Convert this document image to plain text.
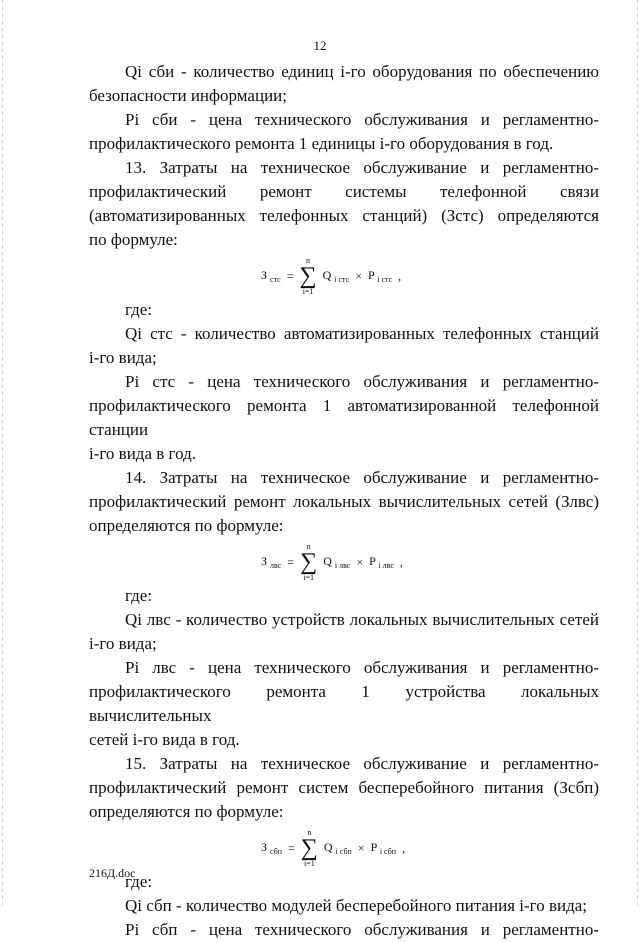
12

Qi сби - количество единиц i-го оборудования по обеспечению

безопасности информации;

Pi сби - цена технического обслуживания и регламентно-

профилактического ремонта 1 единицы i-го оборудования в год.

13. Затраты на техническое обслуживание и регламентно-

профилактический ремонт системы телефонной связи

(автоматизированных телефонных станций) (Зстс) определяются

по формуле:

З $_{стс}$ =
n
∑
i=1
Q $_{i стс}$ × P $_{i стс}$ ,

где:

Qi стс - количество автоматизированных телефонных станций

i-го вида;

Pi стс - цена технического обслуживания и регламентно-

профилактического ремонта 1 автоматизированной телефонной станции

i-го вида в год.

14. Затраты на техническое обслуживание и регламентно-

профилактический ремонт локальных вычислительных сетей (Злвс)

определяются по формуле:

З $_{лвс}$ =
n
∑
i=1
Q $_{i лвс}$ × P $_{i лвс}$ ,

где:

Qi лвс - количество устройств локальных вычислительных сетей

i-го вида;

Pi лвс - цена технического обслуживания и регламентно-

профилактического ремонта 1 устройства локальных вычислительных

сетей i-го вида в год.

15. Затраты на техническое обслуживание и регламентно-

профилактический ремонт систем бесперебойного питания (Зсбп)

определяются по формуле:

З $_{сбп}$ =
n
∑
i=1
Q $_{i сбп}$ × P $_{i сбп}$ ,

где:

Qi сбп - количество модулей бесперебойного питания i-го вида;

Pi сбп - цена технического обслуживания и регламентно-

216Д.doc
